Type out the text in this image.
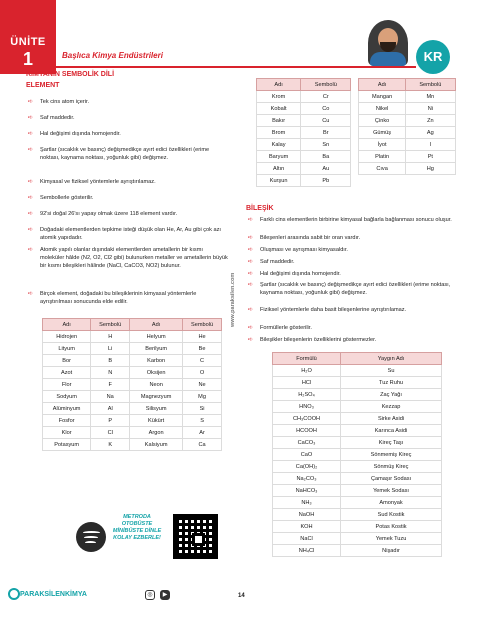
ÜNİTE
1	Başlıca Kimya Endüstrileri	KR
KİMYANIN SEMBOLİK DİLİ
ELEMENT
➪	Tek cins atom içerir.
➪	Saf maddedir.
➪	Hal değişimi dışında homojendir.
➪	Şartlar (sıcaklık ve basınç) değişmedikçe ayırt edici özellikleri (erime noktası, kaynama noktası, yoğunluk gibi) değişmez.
➪	Kimyasal ve fiziksel yöntemlerle ayrıştırılamaz.
➪	Sembollerle gösterilir.
➪	92'si doğal 26'sı yapay olmak üzere 118 element vardır.
➪	Doğadaki elementlerden tepkime isteği düşük olan He, Ar, Au gibi çok azı atomik yapıdadır.
➪	Atomik yapılı olanlar dışındaki elementlerden ametallerin bir kısmı moleküler hâlde (N2, O2, Cl2 gibi) bulunurken metaller ve ametallerin büyük bir kısmı bileşikleri hâlinde (NaCl, CaCO3, NO2) bulunur.
➪	Birçok element, doğadaki bu bileşiklerinin kimyasal yöntemlerle ayrıştırılması sonucunda elde edilir.
Adı	Sembolü	Adı	Sembolü
Hidrojen	H	Helyum	He
Lityum	Li	Berilyum	Be
Bor	B	Karbon	C
Azot	N	Oksijen	O
Flor	F	Neon	Ne
Sodyum	Na	Magnezyum	Mg
Alüminyum	Al	Silisyum	Si
Fosfor	P	Kükürt	S
Klor	Cl	Argon	Ar
Potasyum	K	Kalsiyum	Ca
www.paraksilen.com
Adı	Sembolü		Adı	Sembolü
Krom	Cr		Mangan	Mn
Kobalt	Co		Nikel	Ni
Bakır	Cu		Çinko	Zn
Brom	Br		Gümüş	Ag
Kalay	Sn		İyot	I
Baryum	Ba		Platin	Pt
Altın	Au		Cıva	Hg
Kurşun	Pb			
BİLEŞİK
➪	Farklı cins elementlerin birbirine kimyasal bağlarla bağlanması sonucu oluşur.
➪	Bileşenleri arasında sabit bir oran vardır.
➪	Oluşması ve ayrışması kimyasaldır.
➪	Saf maddedir.
➪	Hal değişimi dışında homojendir.
➪	Şartlar (sıcaklık ve basınç) değişmedikçe ayırt edici özellikleri (erime noktası, kaynama noktası, yoğunluk gibi) değişmez.
➪	Fiziksel yöntemlerle daha basit bileşenlerine ayrıştırılamaz.
➪	Formüllerle gösterilir.
➪	Bileşikler bileşenlerin özelliklerini göstermezler.
Formülü	Yaygın Adı
H₂O	Su
HCl	Tuz Ruhu
H₂SO₄	Zaç Yağı
HNO₃	Kezzap
CH₃COOH	Sirke Asidi
HCOOH	Karınca Asidi
CaCO₃	Kireç Taşı
CaO	Sönmemiş Kireç
Ca(OH)₂	Sönmüş Kireç
Na₂CO₃	Çamaşır Sodası
NaHCO₃	Yemek Sodası
NH₃	Amonyak
NaOH	Sud Kostik
KOH	Potas Kostik
NaCl	Yemek Tuzu
NH₄Cl	Nişadır
METRODA OTOBÜSTE MİNİBÜSTE DİNLE KOLAY EZBERLE!
PARAKSİLENKİMYA	◎	▶	14
